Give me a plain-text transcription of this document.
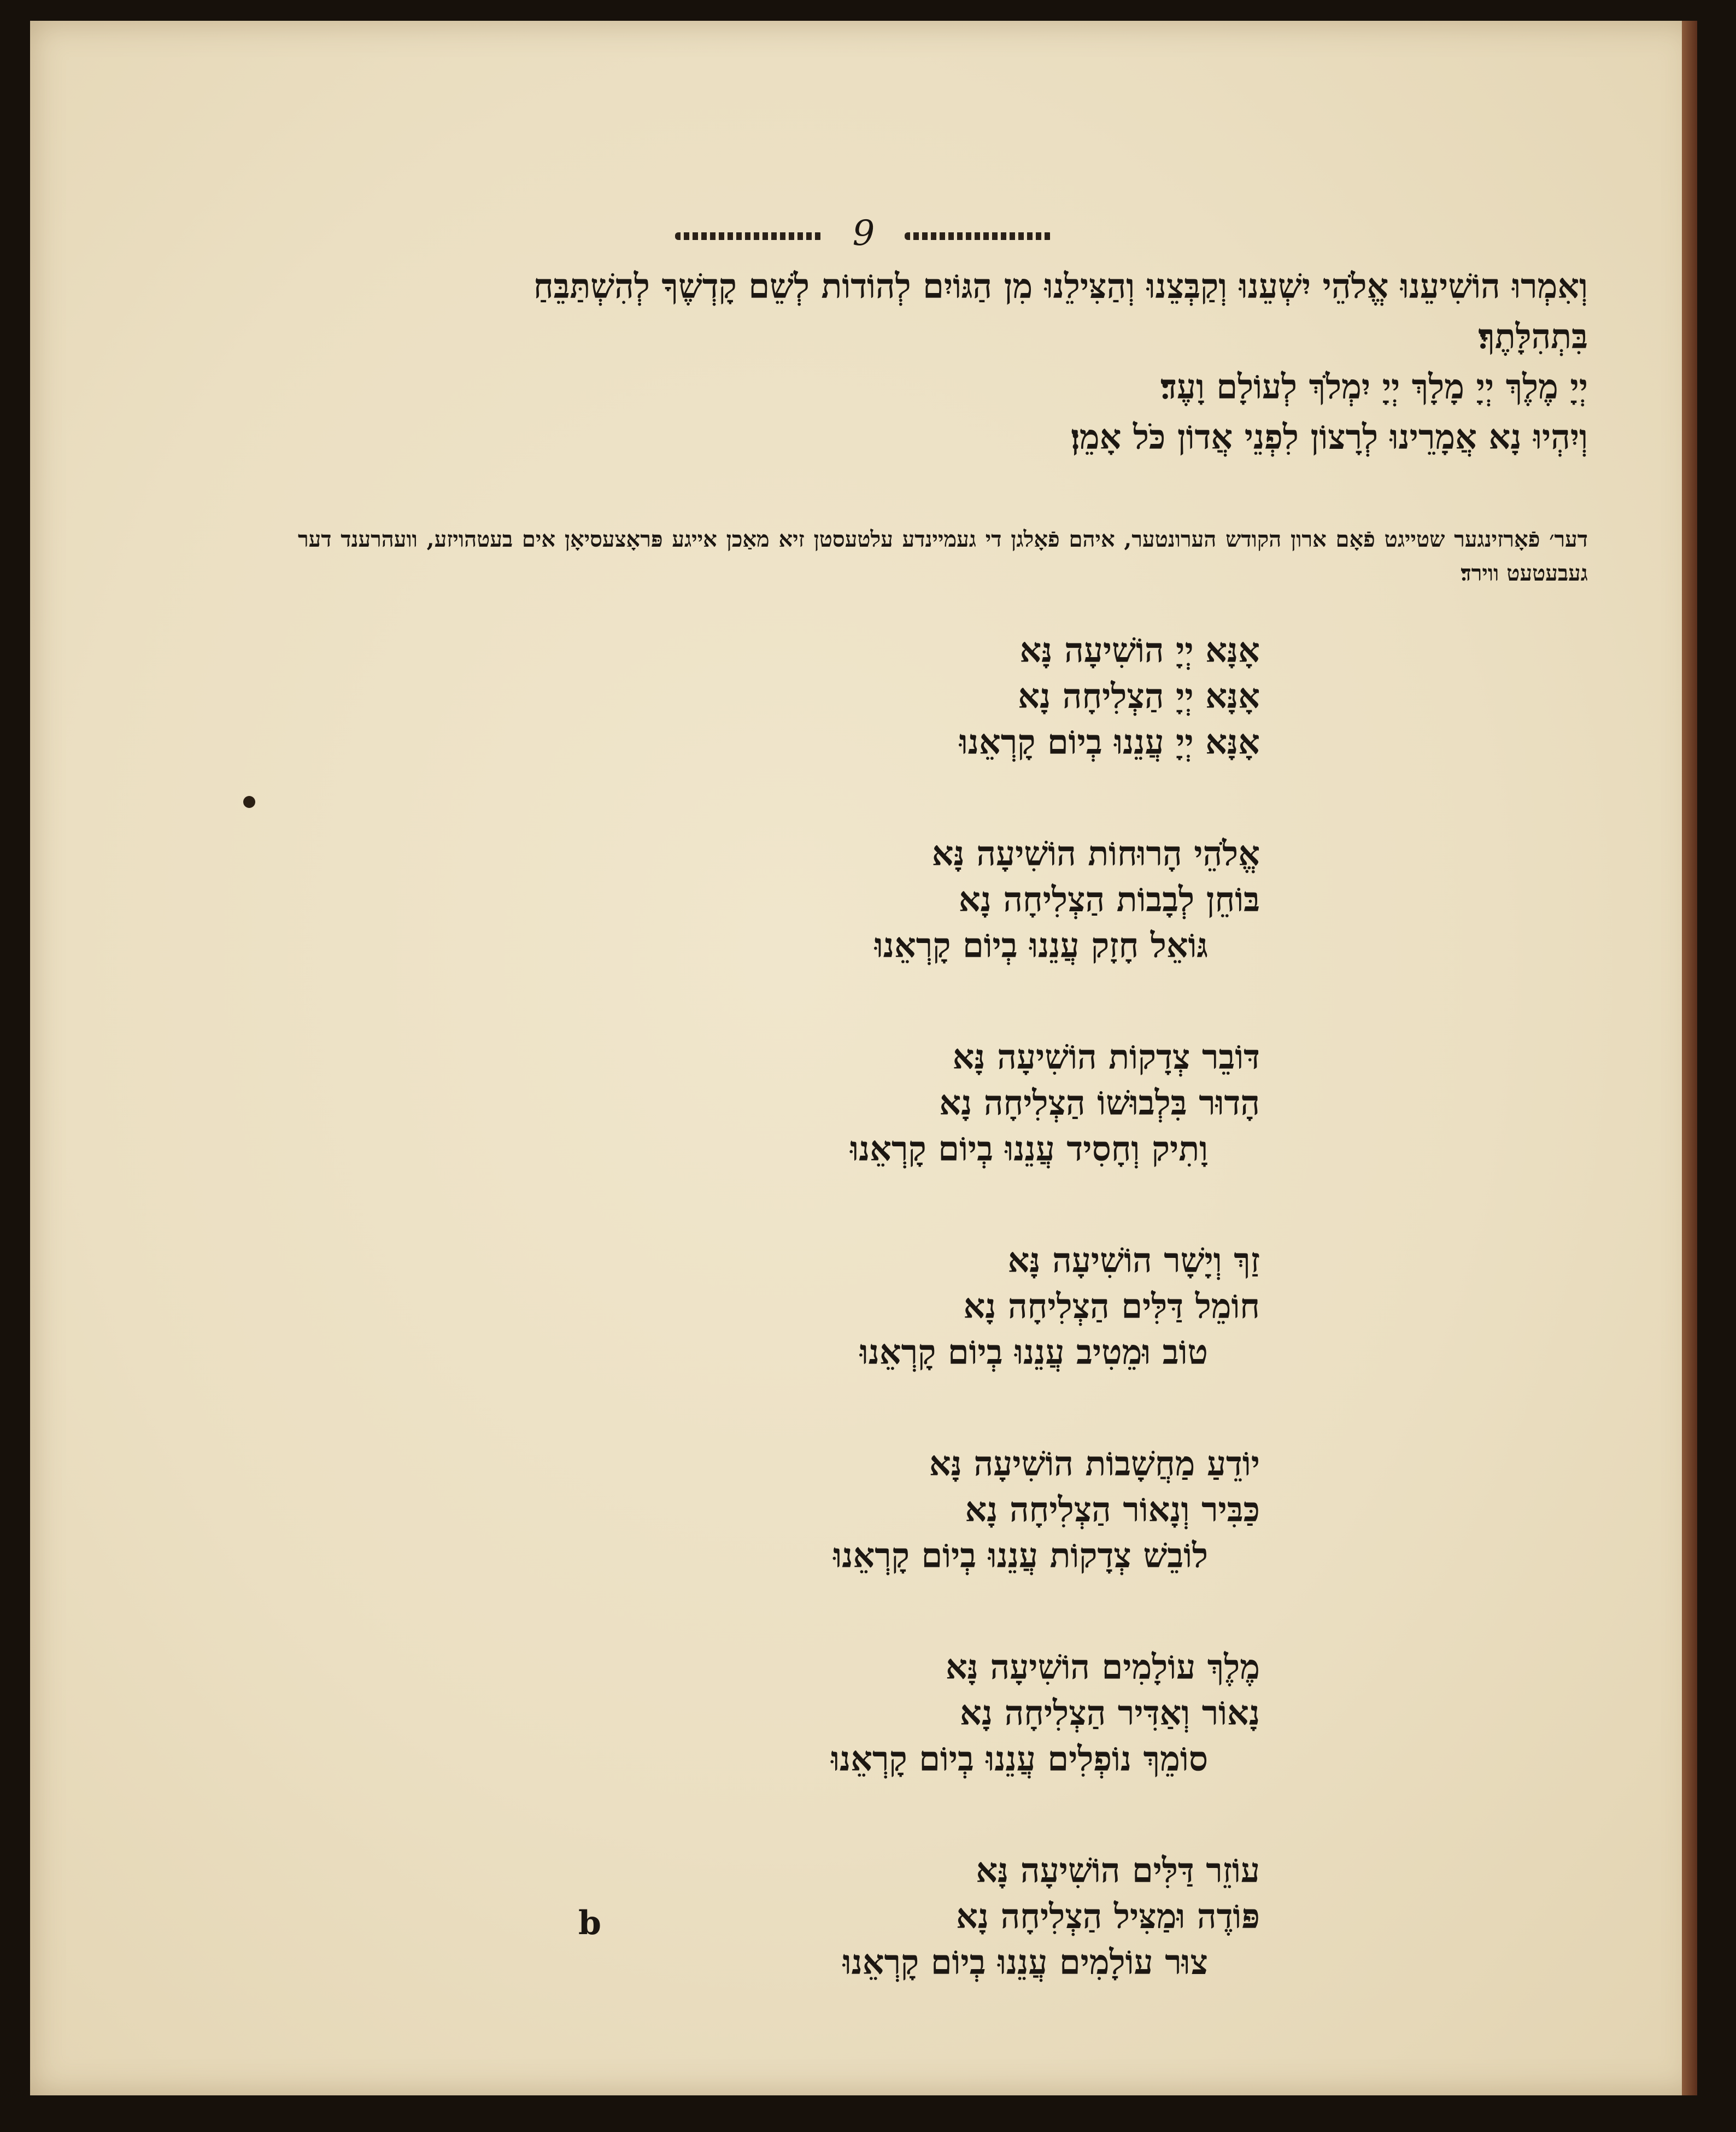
9
וְאִמְרוּ הוֹשִׁיעֵנוּ אֱלֹהֵי יִשְׁעֵנוּ וְקַבְּצֵנוּ וְהַצִּילֵנוּ מִן הַגּוֹיִם לְהוֹדוֹת לְשֵׁם קָדְשֶׁךָ לְהִשְׁתַּבֵּחַ
בִּתְהִלָּתֶךָ׃
יְיָ מֶלֶךְ יְיָ מָלָךְ יְיָ יִמְלֹךְ לְעוֹלָם וָעֶד׃
וְיִהְיוּ נָא אֲמָרֵינוּ לְרָצוֹן לִפְנֵי אֲדוֹן כֹּל אָמֵן׃
דער׳ פֿאָרזינגער שטייגט פֿאָם ארון הקודש הערונטער, איהם פֿאָלגן די געמיינדע עלטעסטן זיא מאַכן אייגע פּראָצעסיאָן אים בעטהויזע, וועהרענד דער געבעטעט ווירד׃
אָנָּא יְיָ הוֹשִׁיעָה נָּא
אָנָּא יְיָ הַצְלִיחָה נָא
אָנָּא יְיָ עֲנֵנוּ בְיוֹם קָרְאֵנוּ
אֱלֹהֵי הָרוּחוֹת הוֹשִׁיעָה נָּא
בּוֹחֵן לְבָבוֹת הַצְלִיחָה נָא
גּוֹאֵל חָזָק עֲנֵנוּ בְיוֹם קָרְאֵנוּ
דּוֹבֵר צְדָקוֹת הוֹשִׁיעָה נָּא
הָדוּר בִּלְבוּשׁוֹ הַצְלִיחָה נָא
וָתִיק וְחָסִיד עֲנֵנוּ בְיוֹם קָרְאֵנוּ
זַךְ וְיָשָׁר הוֹשִׁיעָה נָּא
חוֹמֵל דַּלִּים הַצְלִיחָה נָא
טוֹב וּמֵטִיב עֲנֵנוּ בְיוֹם קָרְאֵנוּ
יוֹדֵעַ מַחֲשָׁבוֹת הוֹשִׁיעָה נָּא
כַּבִּיר וְנָאוֹר הַצְלִיחָה נָא
לוֹבֵשׁ צְדָקוֹת עֲנֵנוּ בְיוֹם קָרְאֵנוּ
מֶלֶךְ עוֹלָמִים הוֹשִׁיעָה נָּא
נָאוֹר וְאַדִּיר הַצְלִיחָה נָא
סוֹמֵךְ נוֹפְלִים עֲנֵנוּ בְיוֹם קָרְאֵנוּ
עוֹזֵר דַּלִּים הוֹשִׁיעָה נָּא
פּוֹדֶה וּמַצִּיל הַצְלִיחָה נָא
צוּר עוֹלָמִים עֲנֵנוּ בְיוֹם קָרְאֵנוּ
b
